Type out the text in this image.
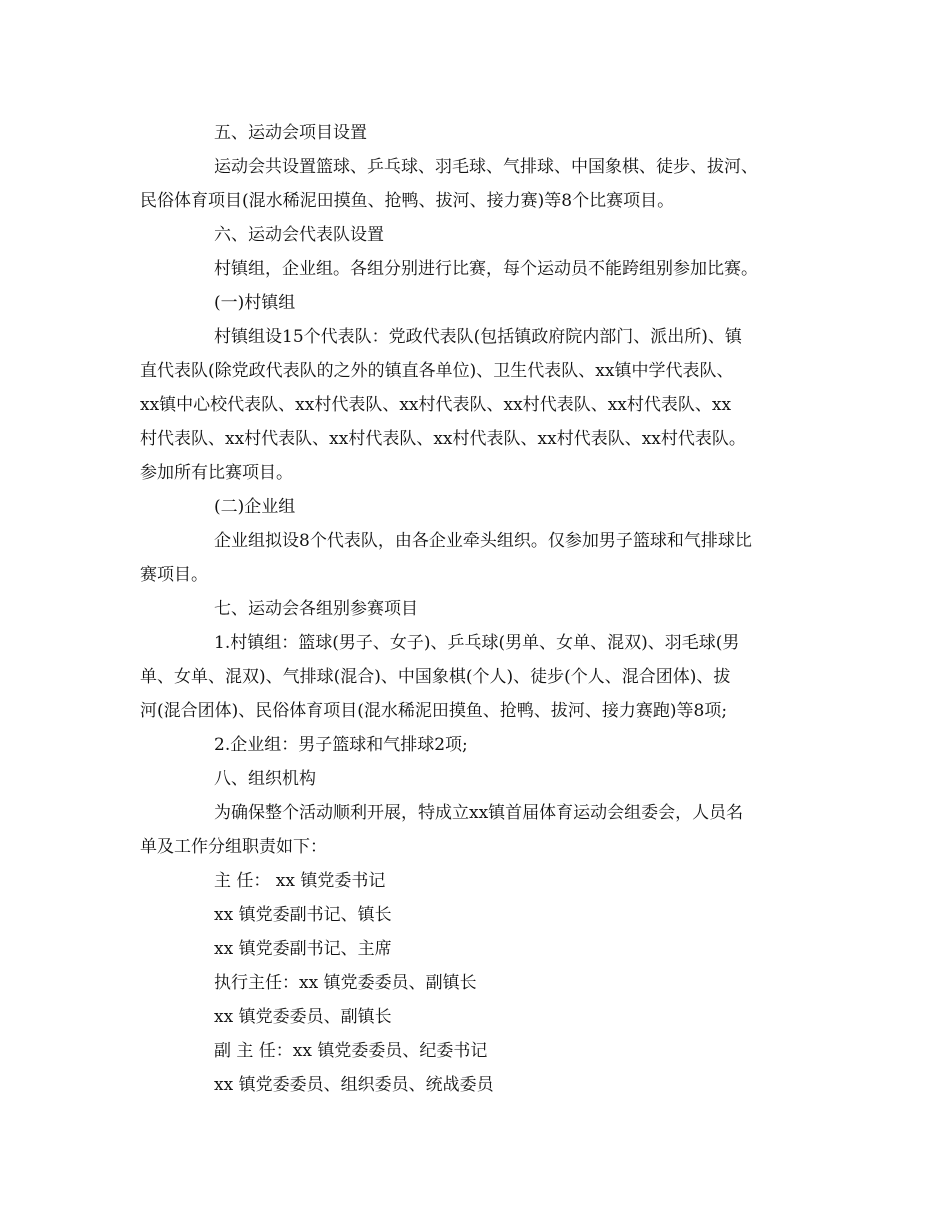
五、运动会项目设置
运动会共设置篮球、乒乓球、羽毛球、气排球、中国象棋、徒步、拔河、
民俗体育项目(混水稀泥田摸鱼、抢鸭、拔河、接力赛)等8个比赛项目。
六、运动会代表队设置
村镇组，企业组。各组分别进行比赛，每个运动员不能跨组别参加比赛。
(一)村镇组
村镇组设15个代表队：党政代表队(包括镇政府院内部门、派出所)、镇
直代表队(除党政代表队的之外的镇直各单位)、卫生代表队、xx镇中学代表队、
xx镇中心校代表队、xx村代表队、xx村代表队、xx村代表队、xx村代表队、xx
村代表队、xx村代表队、xx村代表队、xx村代表队、xx村代表队、xx村代表队。
参加所有比赛项目。
(二)企业组
企业组拟设8个代表队，由各企业牵头组织。仅参加男子篮球和气排球比
赛项目。
七、运动会各组别参赛项目
1.村镇组：篮球(男子、女子)、乒乓球(男单、女单、混双)、羽毛球(男
单、女单、混双)、气排球(混合)、中国象棋(个人)、徒步(个人、混合团体)、拔
河(混合团体)、民俗体育项目(混水稀泥田摸鱼、抢鸭、拔河、接力赛跑)等8项;
2.企业组：男子篮球和气排球2项;
八、组织机构
为确保整个活动顺利开展，特成立xx镇首届体育运动会组委会，人员名
单及工作分组职责如下：
主 任： xx 镇党委书记
xx 镇党委副书记、镇长
xx 镇党委副书记、主席
执行主任：xx 镇党委委员、副镇长
xx 镇党委委员、副镇长
副 主 任：xx 镇党委委员、纪委书记
xx 镇党委委员、组织委员、统战委员
